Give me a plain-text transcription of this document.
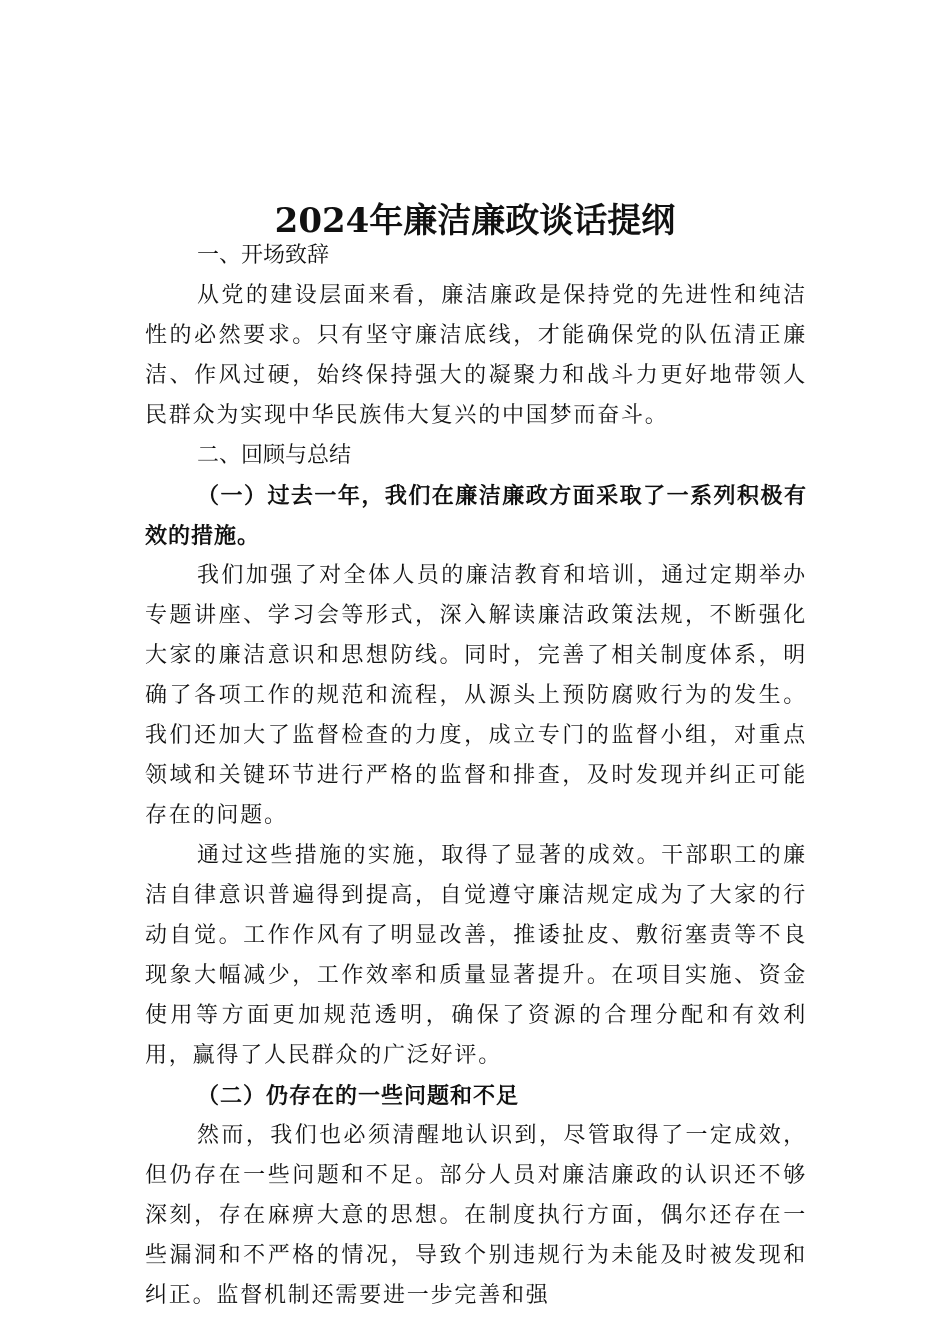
2024年廉洁廉政谈话提纲
一、开场致辞

从党的建设层面来看，廉洁廉政是保持党的先进性和纯洁性的必然要求。只有坚守廉洁底线，才能确保党的队伍清正廉洁、作风过硬，始终保持强大的凝聚力和战斗力更好地带领人民群众为实现中华民族伟大复兴的中国梦而奋斗。

二、回顾与总结

（一）过去一年，我们在廉洁廉政方面采取了一系列积极有效的措施。

我们加强了对全体人员的廉洁教育和培训，通过定期举办专题讲座、学习会等形式，深入解读廉洁政策法规，不断强化大家的廉洁意识和思想防线。同时，完善了相关制度体系，明确了各项工作的规范和流程，从源头上预防腐败行为的发生。我们还加大了监督检查的力度，成立专门的监督小组，对重点领域和关键环节进行严格的监督和排查，及时发现并纠正可能存在的问题。

通过这些措施的实施，取得了显著的成效。干部职工的廉洁自律意识普遍得到提高，自觉遵守廉洁规定成为了大家的行动自觉。工作作风有了明显改善，推诿扯皮、敷衍塞责等不良现象大幅减少，工作效率和质量显著提升。在项目实施、资金使用等方面更加规范透明，确保了资源的合理分配和有效利用，赢得了人民群众的广泛好评。

（二）仍存在的一些问题和不足

然而，我们也必须清醒地认识到，尽管取得了一定成效，但仍存在一些问题和不足。部分人员对廉洁廉政的认识还不够深刻，存在麻痹大意的思想。在制度执行方面，偶尔还存在一些漏洞和不严格的情况，导致个别违规行为未能及时被发现和纠正。监督机制还需要进一步完善和强
